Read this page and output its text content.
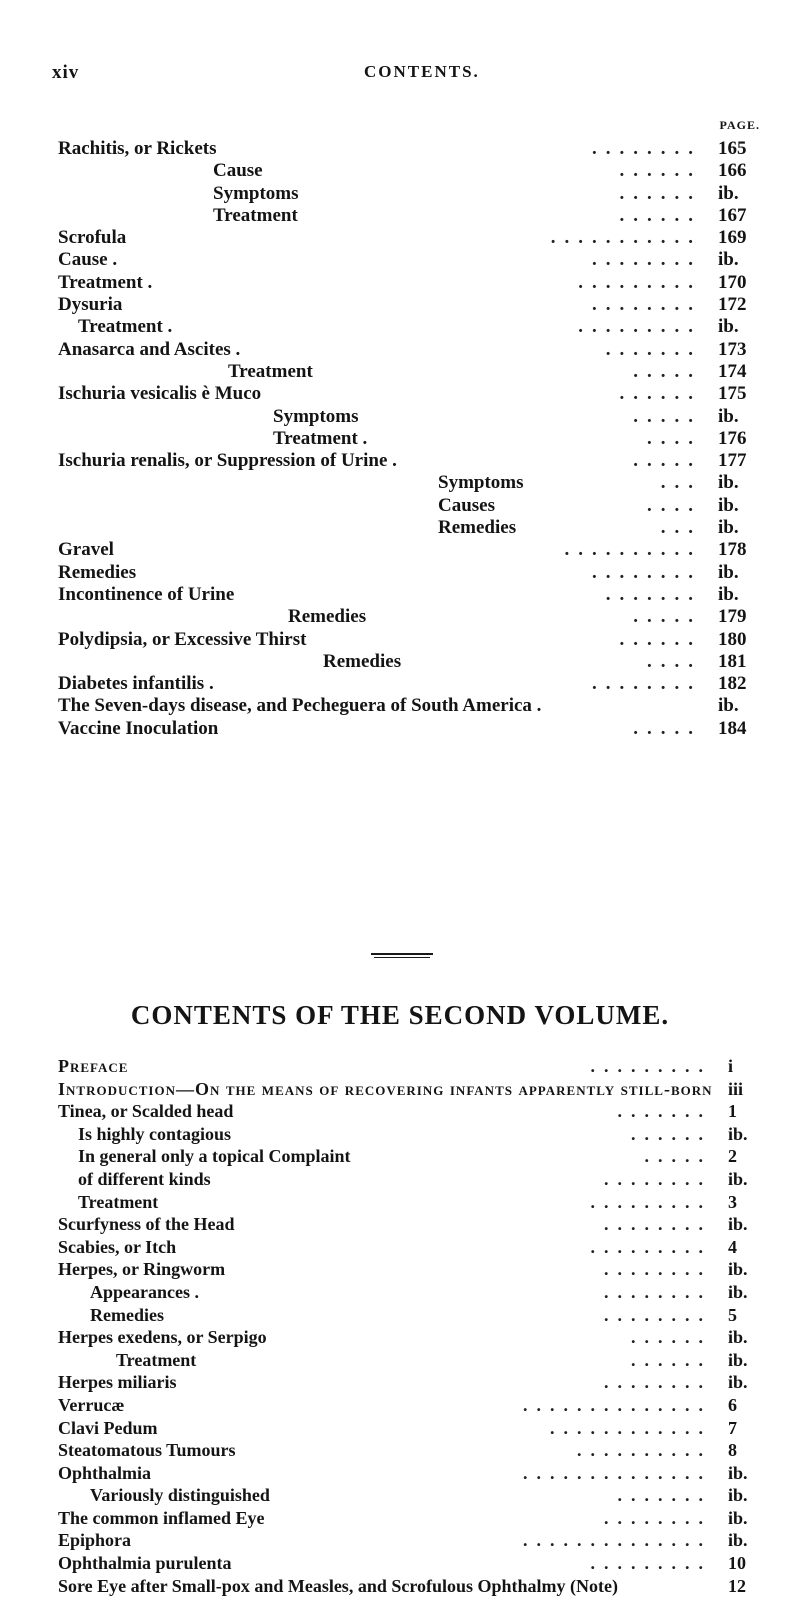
xiv	CONTENTS.
PAGE.
Rachitis, or Rickets	........ 165
Cause	...... 166
Symptoms	...... ib.
Treatment	...... 167
Scrofula	........... 169
Cause .	........ ib.
Treatment .	......... 170
Dysuria	........ 172
Treatment .	......... ib.
Anasarca and Ascites .	....... 173
Treatment	..... 174
Ischuria vesicalis è Muco	...... 175
Symptoms	..... ib.
Treatment .	.... 176
Ischuria renalis, or Suppression of Urine .	..... 177
Symptoms	... ib.
Causes	.... ib.
Remedies	... ib.
Gravel	.......... 178
Remedies	........ ib.
Incontinence of Urine	....... ib.
Remedies	..... 179
Polydipsia, or Excessive Thirst	...... 180
Remedies	.... 181
Diabetes infantilis .	........ 182
The Seven-days disease, and Pecheguera of South America .	ib.
Vaccine Inoculation	..... 184
CONTENTS OF THE SECOND VOLUME.
Preface	......... i
Introduction—On the means of recovering infants apparently still-born iii
Tinea, or Scalded head	....... 1
Is highly contagious	...... ib.
In general only a topical Complaint	..... 2
of different kinds	........ ib.
Treatment	......... 3
Scurfyness of the Head	........ ib.
Scabies, or Itch	......... 4
Herpes, or Ringworm	........ ib.
Appearances .	........ ib.
Remedies	........ 5
Herpes exedens, or Serpigo	...... ib.
Treatment	...... ib.
Herpes miliaris	........ ib.
Verrucæ	.............. 6
Clavi Pedum	............ 7
Steatomatous Tumours	.......... 8
Ophthalmia	.............. ib.
Variously distinguished	....... ib.
The common inflamed Eye	........ ib.
Epiphora	.............. ib.
Ophthalmia purulenta	......... 10
Sore Eye after Small-pox and Measles, and Scrofulous Ophthalmy (Note)	12
